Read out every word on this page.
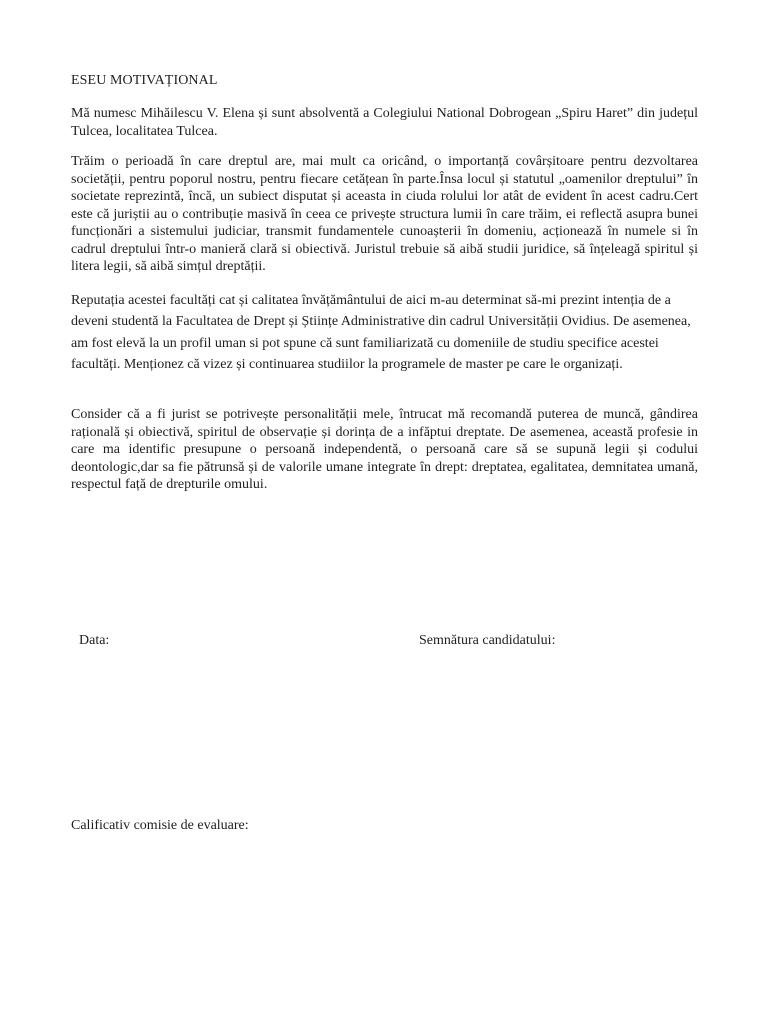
ESEU MOTIVAȚIONAL

Mă numesc Mihăilescu V. Elena și sunt absolventă a Colegiului National Dobrogean „Spiru Haret” din județul Tulcea, localitatea Tulcea.

Trăim o perioadă în care dreptul are, mai mult ca oricând, o importanță covârșitoare pentru dezvoltarea societății, pentru poporul nostru, pentru fiecare cetățean în parte.Însa locul și statutul „oamenilor dreptului” în societate reprezintă, încă, un subiect disputat și aceasta in ciuda rolului lor atât de evident în acest cadru.Cert este că juriștii au o contribuție masivă în ceea ce privește structura lumii în care trăim, ei reflectă asupra bunei funcționări a sistemului judiciar, transmit fundamentele cunoașterii în domeniu, acționează în numele si în cadrul dreptului într-o manieră clară si obiectivă. Juristul trebuie să aibă studii juridice, să înțeleagă spiritul și litera legii, să aibă simțul dreptății.

Reputația acestei facultăți cat și calitatea învățământului de aici m-au determinat să-mi prezint intenția de a deveni studentă la Facultatea de Drept și Științe Administrative din cadrul Universității Ovidius. De asemenea, am fost elevă la un profil uman si pot spune că sunt familiarizată cu domeniile de studiu specifice acestei facultăți. Menționez că vizez și continuarea studiilor la programele de master pe care le organizați.

Consider că a fi jurist se potrivește personalității mele, întrucat mă recomandă puterea de muncă, gândirea rațională și obiectivă, spiritul de observație și dorința de a infăptui dreptate. De asemenea, această profesie in care ma identific presupune o persoană independentă, o persoană care să se supună legii și codului deontologic,dar sa fie pătrunsă și de valorile umane integrate în drept: dreptatea, egalitatea, demnitatea umană, respectul față de drepturile omului.

Data:	Semnătura candidatului:
Calificativ comisie de evaluare:
